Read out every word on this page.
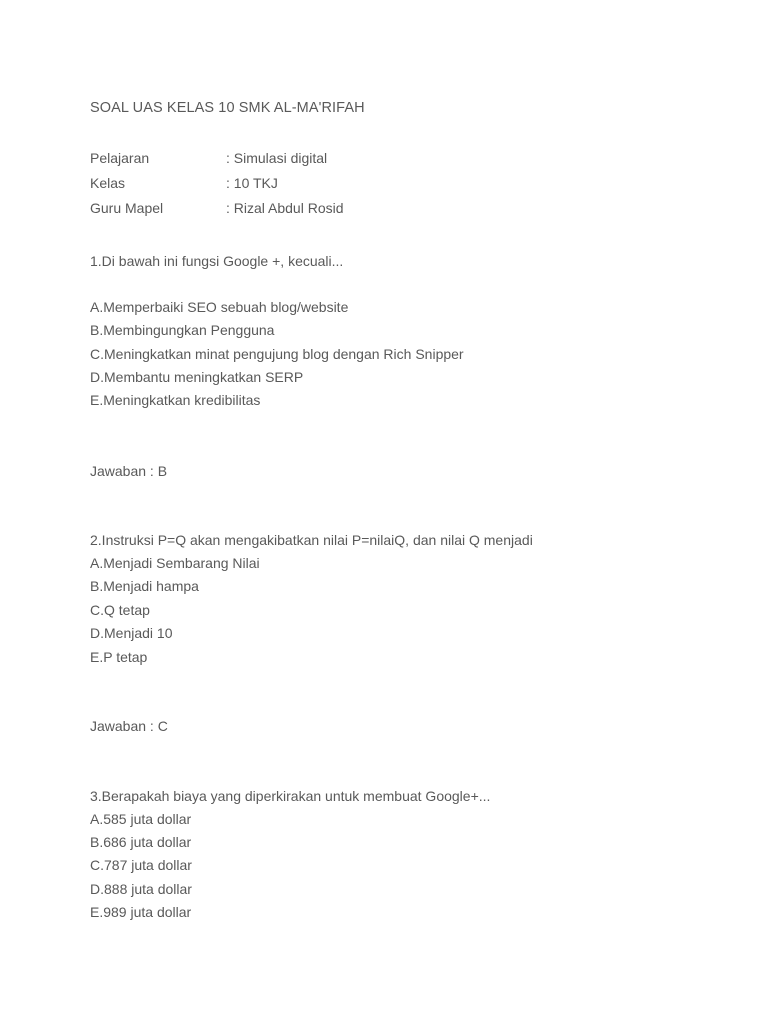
SOAL UAS KELAS 10 SMK AL-MA'RIFAH
Pelajaran	: Simulasi digital
Kelas	: 10 TKJ
Guru Mapel	: Rizal Abdul Rosid
1.Di bawah ini fungsi Google +, kecuali...
A.Memperbaiki SEO sebuah blog/website
B.Membingungkan Pengguna
C.Meningkatkan minat pengujung blog dengan Rich Snipper
D.Membantu meningkatkan SERP
E.Meningkatkan kredibilitas
Jawaban : B
2.Instruksi P=Q akan mengakibatkan nilai P=nilaiQ, dan nilai Q menjadi
A.Menjadi Sembarang Nilai
B.Menjadi hampa
C.Q tetap
D.Menjadi 10
E.P tetap
Jawaban : C
3.Berapakah biaya yang diperkirakan untuk membuat Google+...
A.585 juta dollar
B.686 juta dollar
C.787 juta dollar
D.888 juta dollar
E.989 juta dollar
